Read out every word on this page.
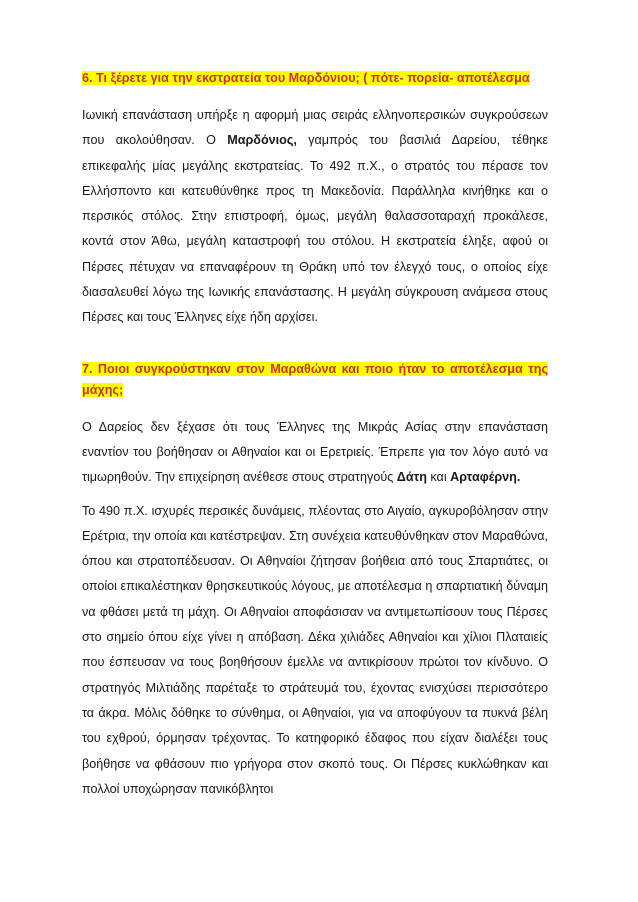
6. Τι ξέρετε για την εκστρατεία του Μαρδόνιου; ( πότε- πορεία- αποτέλεσμα

Ιωνική επανάσταση υπήρξε η αφορμή μιας σειράς ελληνοπερσικών συγκρούσεων που ακολούθησαν. Ο Μαρδόνιος, γαμπρός του βασιλιά Δαρείου, τέθηκε επικεφαλής μίας μεγάλης εκστρατείας. Το 492 π.Χ., ο στρατός του πέρασε τον Ελλήσποντο και κατευθύνθηκε προς τη Μακεδονία. Παράλληλα κινήθηκε και ο περσικός στόλος. Στην επιστροφή, όμως, μεγάλη θαλασσοταραχή προκάλεσε, κοντά στον Άθω, μεγάλη καταστροφή του στόλου. Η εκστρατεία έληξε, αφού οι Πέρσες πέτυχαν να επαναφέρουν τη Θράκη υπό τον έλεγχό τους, ο οποίος είχε διασαλευθεί λόγω της Ιωνικής επανάστασης. Η μεγάλη σύγκρουση ανάμεσα στους Πέρσες και τους Έλληνες είχε ήδη αρχίσει.

7. Ποιοι συγκρούστηκαν στον Μαραθώνα και ποιο ήταν το αποτέλεσμα της μάχης;

Ο Δαρείος δεν ξέχασε ότι τους Έλληνες της Μικράς Ασίας στην επανάσταση εναντίον του βοήθησαν οι Αθηναίοι και οι Ερετριείς. Έπρεπε για τον λόγο αυτό να τιμωρηθούν. Την επιχείρηση ανέθεσε στους στρατηγούς Δάτη και Αρταφέρνη.

Το 490 π.Χ. ισχυρές περσικές δυνάμεις, πλέοντας στο Αιγαίο, αγκυροβόλησαν στην Ερέτρια, την οποία και κατέστρεψαν. Στη συνέχεια κατευθύνθηκαν στον Μαραθώνα, όπου και στρατοπέδευσαν. Οι Αθηναίοι ζήτησαν βοήθεια από τους Σπαρτιάτες, οι οποίοι επικαλέστηκαν θρησκευτικούς λόγους, με αποτέλεσμα η σπαρτιατική δύναμη να φθάσει μετά τη μάχη. Οι Αθηναίοι αποφάσισαν να αντιμετωπίσουν τους Πέρσες στο σημείο όπου είχε γίνει η απόβαση. Δέκα χιλιάδες Αθηναίοι και χίλιοι Πλαταιείς που έσπευσαν να τους βοηθήσουν έμελλε να αντικρίσουν πρώτοι τον κίνδυνο. Ο στρατηγός Μιλτιάδης παρέταξε το στράτευμά του, έχοντας ενισχύσει περισσότερο τα άκρα. Μόλις δόθηκε το σύνθημα, οι Αθηναίοι, για να αποφύγουν τα πυκνά βέλη του εχθρού, όρμησαν τρέχοντας. Το κατηφορικό έδαφος που είχαν διαλέξει τους βοήθησε να φθάσουν πιο γρήγορα στον σκοπό τους. Οι Πέρσες κυκλώθηκαν και πολλοί υποχώρησαν πανικόβλητοι
